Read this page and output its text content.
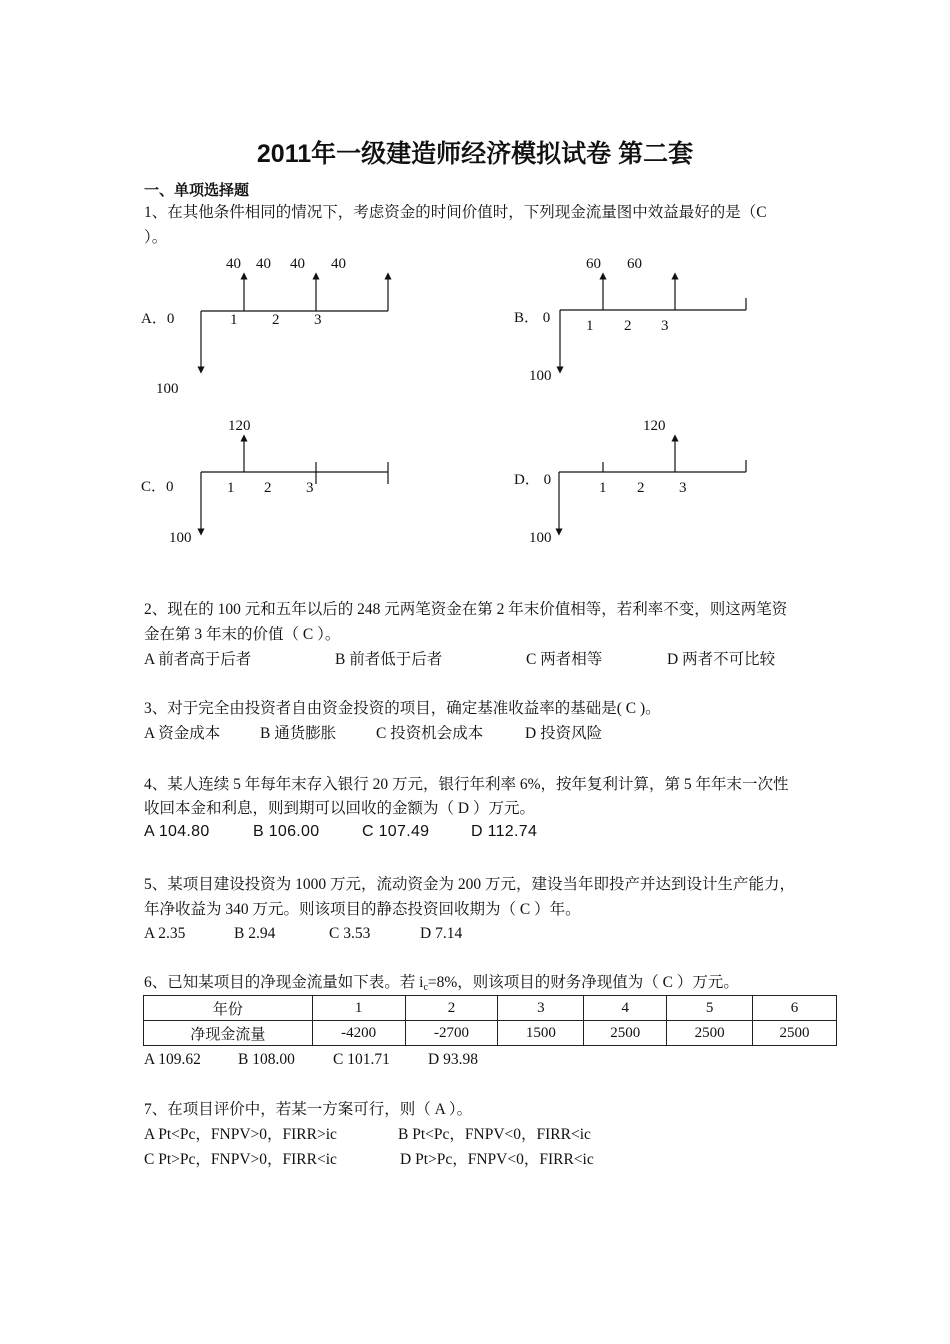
2011年一级建造师经济模拟试卷 第二套
一、单项选择题
1、在其他条件相同的情况下，考虑资金的时间价值时，下列现金流量图中效益最好的是（C
）。
A．0
40 40 40 40
1 2 3
100
B． 0
60 60
1 2 3
100
C．0
120
1 2 3
100
D． 0
120
1 2 3
100
2、现在的 100 元和五年以后的 248 元两笔资金在第 2 年末价值相等，若利率不变，则这两笔资
金在第 3 年末的价值（ C ）。
A 前者高于后者	B 前者低于后者	C 两者相等	D 两者不可比较
3、对于完全由投资者自由资金投资的项目，确定基准收益率的基础是( C )。
A 资金成本	B 通货膨胀	C 投资机会成本	D 投资风险
4、某人连续 5 年每年末存入银行 20 万元，银行年利率 6%，按年复利计算，第 5 年年末一次性
收回本金和利息，则到期可以回收的金额为（ D ）万元。
A 104.80	B 106.00	C 107.49	D 112.74
5、某项目建设投资为 1000 万元，流动资金为 200 万元，建设当年即投产并达到设计生产能力，
年净收益为 340 万元。则该项目的静态投资回收期为（ C ）年。
A 2.35	B 2.94	C 3.53	D 7.14
6、已知某项目的净现金流量如下表。若 $i_c=8\%$，则该项目的财务净现值为（ C ）万元。
年份	1	2	3	4	5	6
净现金流量	-4200	-2700	1500	2500	2500	2500
A 109.62 B 108.00 C 101.71 D 93.98
7、在项目评价中，若某一方案可行，则（ A ）。
A Pt<Pc，FNPV>0，FIRR>ic	B Pt<Pc，FNPV<0，FIRR<ic
C Pt>Pc，FNPV>0，FIRR<ic	D Pt>Pc，FNPV<0，FIRR<ic
